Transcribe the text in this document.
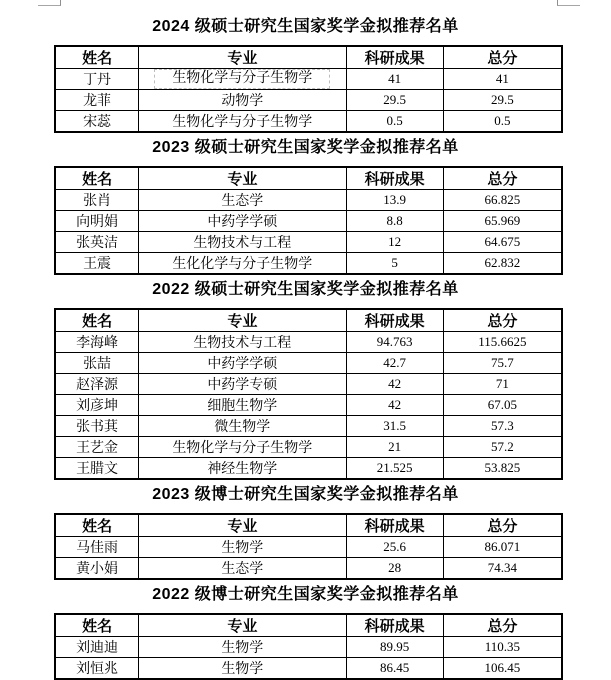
2024 级硕士研究生国家奖学金拟推荐名单
姓名	专业	科研成果	总分
丁丹	生物化学与分子生物学	41	41
龙菲	动物学	29.5	29.5
宋蕊	生物化学与分子生物学	0.5	0.5
2023 级硕士研究生国家奖学金拟推荐名单
姓名	专业	科研成果	总分
张肖	生态学	13.9	66.825
向明娟	中药学学硕	8.8	65.969
张英洁	生物技术与工程	12	64.675
王震	生化化学与分子生物学	5	62.832
2022 级硕士研究生国家奖学金拟推荐名单
姓名	专业	科研成果	总分
李海峰	生物技术与工程	94.763	115.6625
张喆	中药学学硕	42.7	75.7
赵泽源	中药学专硕	42	71
刘彦坤	细胞生物学	42	67.05
张书萁	微生物学	31.5	57.3
王艺金	生物化学与分子生物学	21	57.2
王腊文	神经生物学	21.525	53.825
2023 级博士研究生国家奖学金拟推荐名单
姓名	专业	科研成果	总分
马佳雨	生物学	25.6	86.071
黄小娟	生态学	28	74.34
2022 级博士研究生国家奖学金拟推荐名单
姓名	专业	科研成果	总分
刘迪迪	生物学	89.95	110.35
刘恒兆	生物学	86.45	106.45
